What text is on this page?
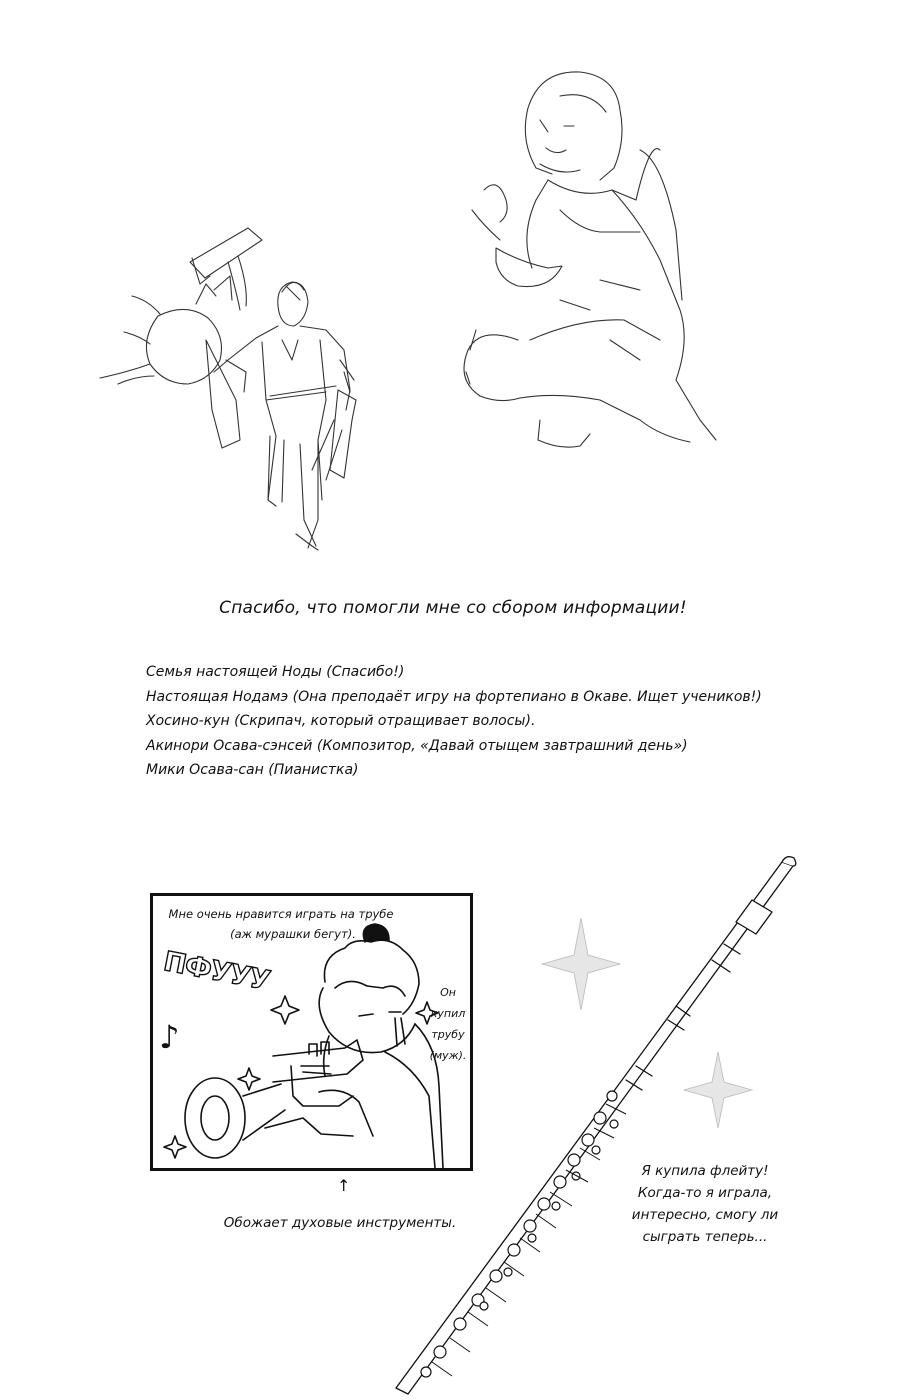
Спасибо, что помогли мне со сбором информации!
Семья настоящей Ноды (Спасибо!)
Настоящая Нодамэ (Она преподаёт игру на фортепиано в Окаве. Ищет учеников!)
Хосино-кун (Скрипач, который отращивает волосы).
Акинори Осава-сэнсей (Композитор, «Давай отыщем завтрашний день»)
Мики Осава-сан (Пианистка)
Мне очень нравится играть на трубе
(аж мурашки бегут).
ПФУУУ
♪
Он
купил
трубу
(муж).
↑
Обожает духовые инструменты.
Я купила флейту!
Когда-то я играла,
интересно, смогу ли
сыграть теперь...
